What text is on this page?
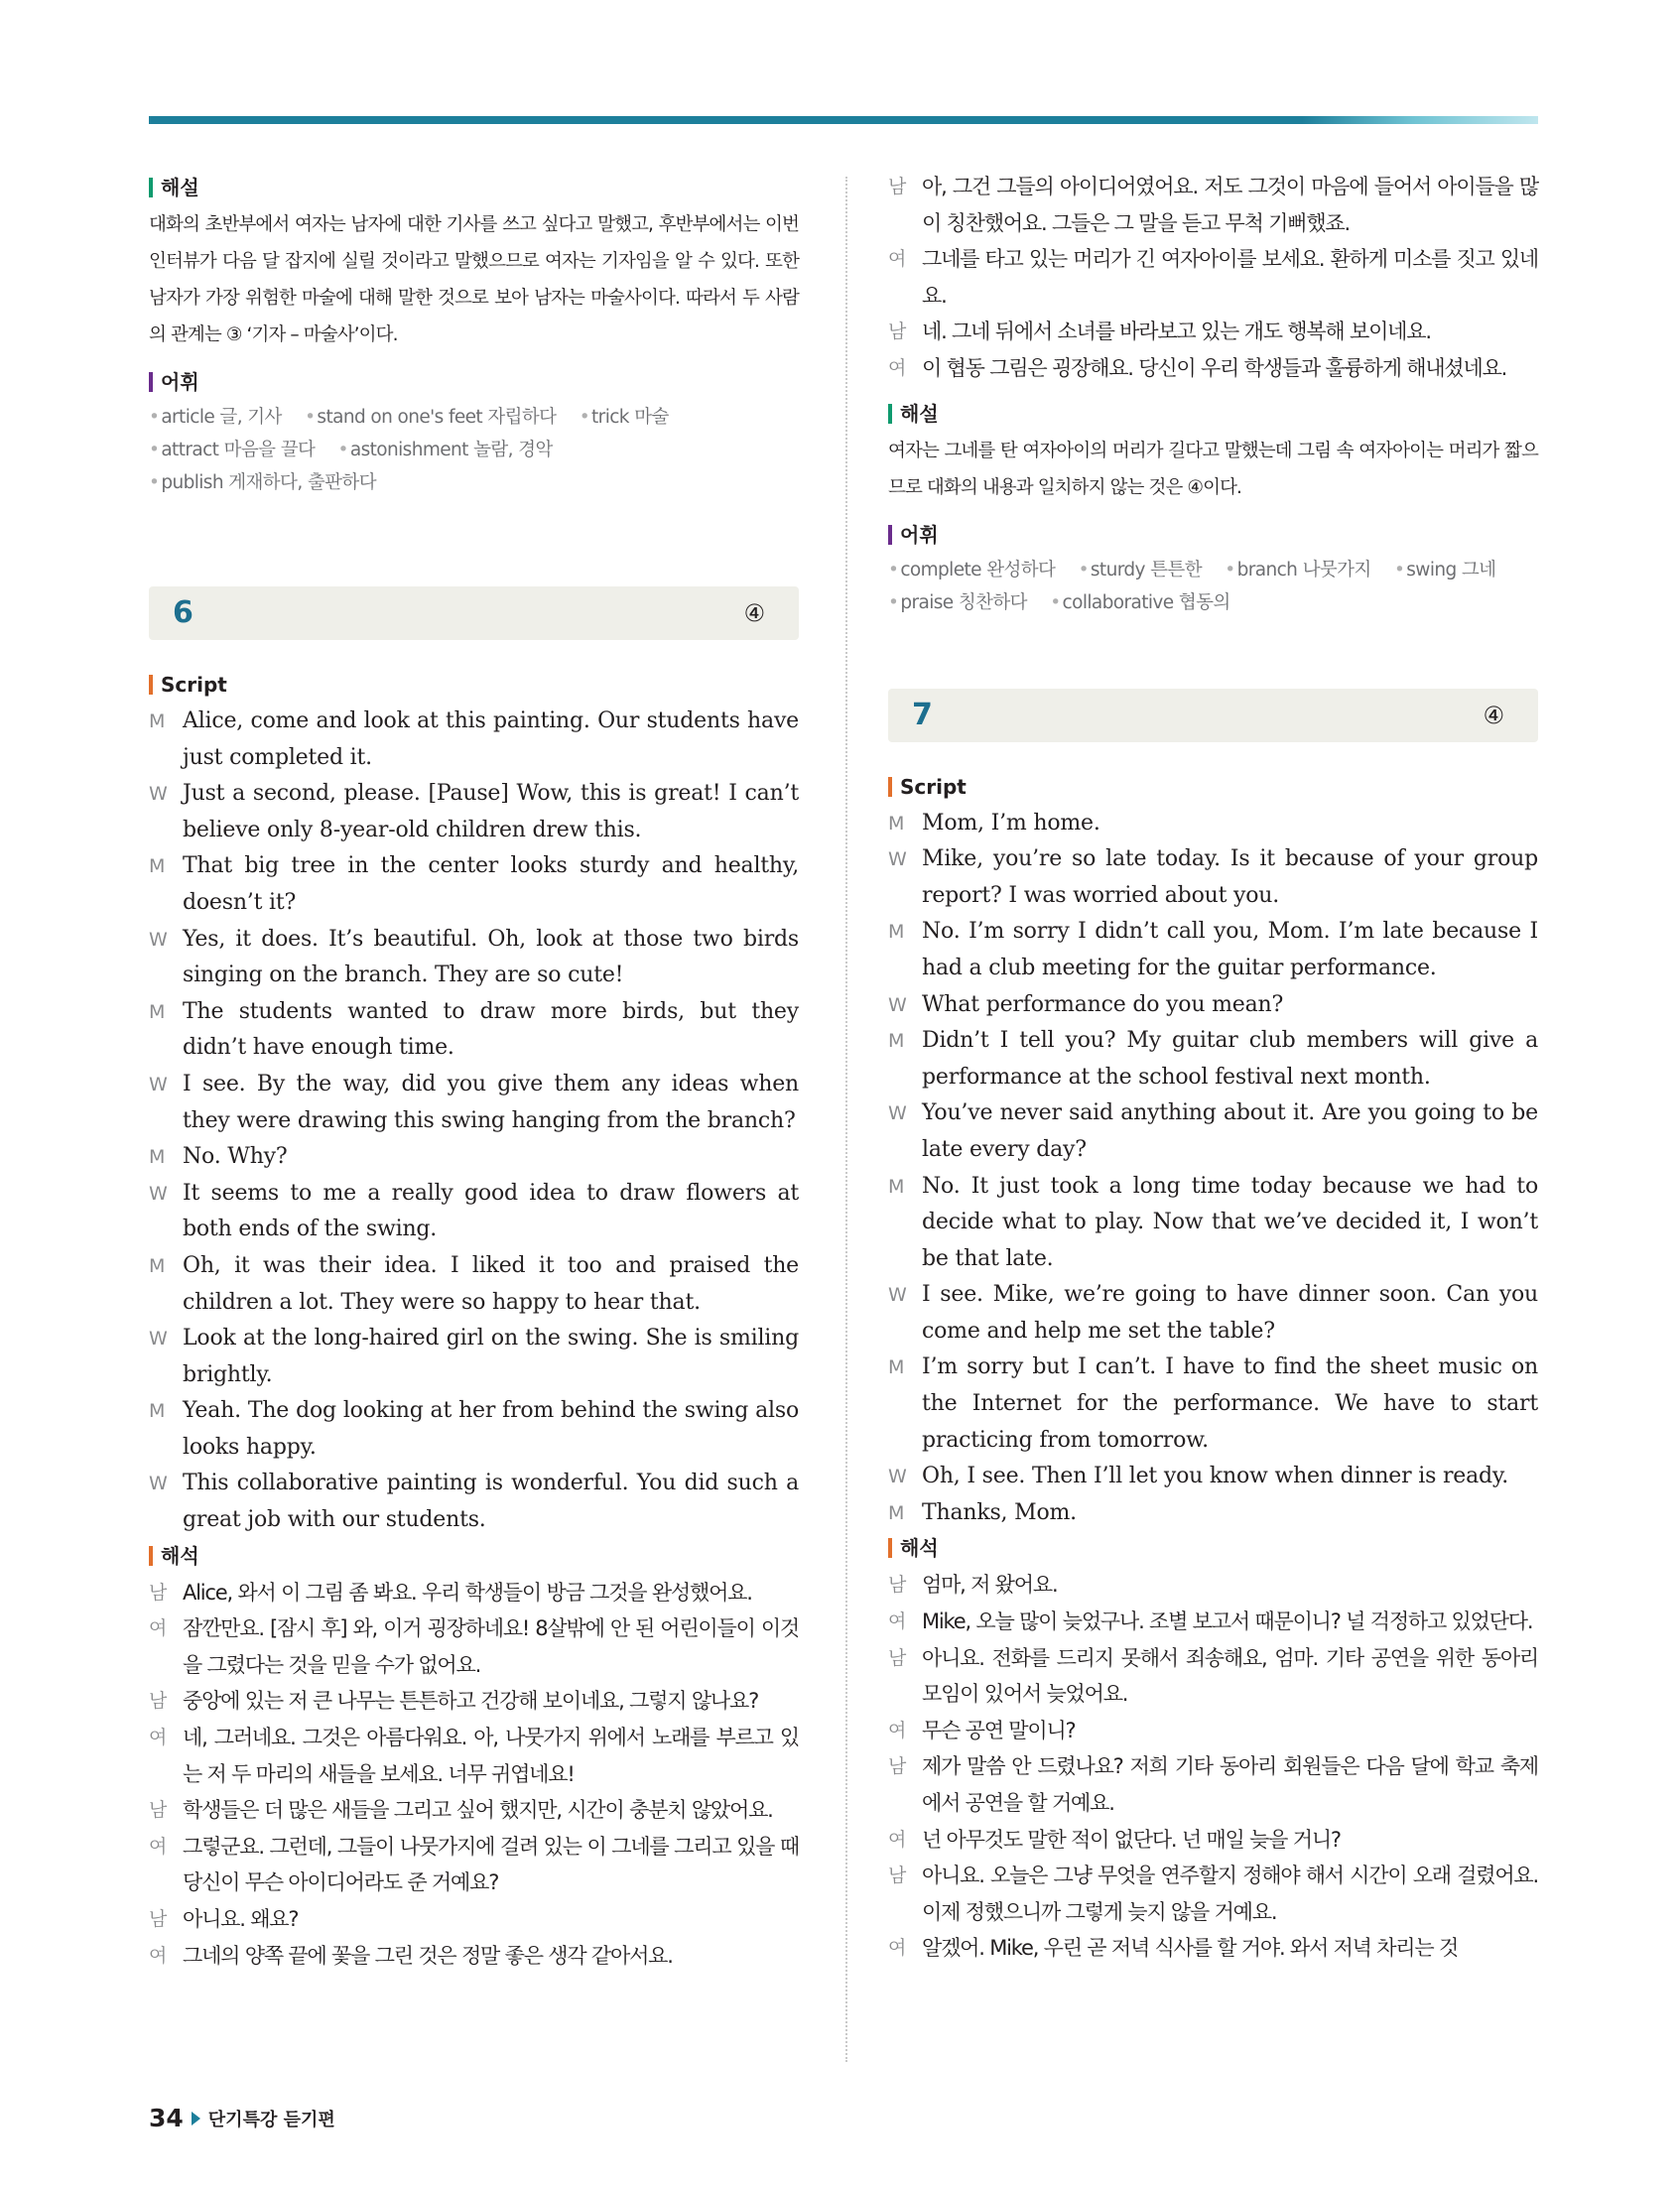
해설

대화의 초반부에서 여자는 남자에 대한 기사를 쓰고 싶다고 말했고, 후반부에서는 이번 인터뷰가 다음 달 잡지에 실릴 것이라고 말했으므로 여자는 기자임을 알 수 있다. 또한 남자가 가장 위험한 마술에 대해 말한 것으로 보아 남자는 마술사이다. 따라서 두 사람의 관계는 ③ ‘기자 – 마술사’이다.

어휘

• article 글, 기사 • stand on one's feet 자립하다 • trick 마술 • attract 마음을 끌다 • astonishment 놀람, 경악 • publish 게재하다, 출판하다

6	④
Script
M Alice, come and look at this painting. Our students have just completed it.
W Just a second, please. [Pause] Wow, this is great! I can’t believe only 8-year-old children drew this.
M That big tree in the center looks sturdy and healthy, doesn’t it?
W Yes, it does. It’s beautiful. Oh, look at those two birds singing on the branch. They are so cute!
M The students wanted to draw more birds, but they didn’t have enough time.
W I see. By the way, did you give them any ideas when they were drawing this swing hanging from the branch?
M No. Why?
W It seems to me a really good idea to draw flowers at both ends of the swing.
M Oh, it was their idea. I liked it too and praised the children a lot. They were so happy to hear that.
W Look at the long-haired girl on the swing. She is smiling brightly.
M Yeah. The dog looking at her from behind the swing also looks happy.
W This collaborative painting is wonderful. You did such a great job with our students.
해석
남 Alice, 와서 이 그림 좀 봐요. 우리 학생들이 방금 그것을 완성했어요.
여 잠깐만요. [잠시 후] 와, 이거 굉장하네요! 8살밖에 안 된 어린이들이 이것을 그렸다는 것을 믿을 수가 없어요.
남 중앙에 있는 저 큰 나무는 튼튼하고 건강해 보이네요, 그렇지 않나요?
여 네, 그러네요. 그것은 아름다워요. 아, 나뭇가지 위에서 노래를 부르고 있는 저 두 마리의 새들을 보세요. 너무 귀엽네요!
남 학생들은 더 많은 새들을 그리고 싶어 했지만, 시간이 충분치 않았어요.
여 그렇군요. 그런데, 그들이 나뭇가지에 걸려 있는 이 그네를 그리고 있을 때 당신이 무슨 아이디어라도 준 거예요?
남 아니요. 왜요?
여 그네의 양쪽 끝에 꽃을 그린 것은 정말 좋은 생각 같아서요.
남 아, 그건 그들의 아이디어였어요. 저도 그것이 마음에 들어서 아이들을 많이 칭찬했어요. 그들은 그 말을 듣고 무척 기뻐했죠.
여 그네를 타고 있는 머리가 긴 여자아이를 보세요. 환하게 미소를 짓고 있네요.
남 네. 그네 뒤에서 소녀를 바라보고 있는 개도 행복해 보이네요.
여 이 협동 그림은 굉장해요. 당신이 우리 학생들과 훌륭하게 해내셨네요.
해설

여자는 그네를 탄 여자아이의 머리가 길다고 말했는데 그림 속 여자아이는 머리가 짧으므로 대화의 내용과 일치하지 않는 것은 ④이다.

어휘

• complete 완성하다 • sturdy 튼튼한 • branch 나뭇가지 • swing 그네 • praise 칭찬하다 • collaborative 협동의

7	④
Script
M Mom, I’m home.
W Mike, you’re so late today. Is it because of your group report? I was worried about you.
M No. I’m sorry I didn’t call you, Mom. I’m late because I had a club meeting for the guitar performance.
W What performance do you mean?
M Didn’t I tell you? My guitar club members will give a performance at the school festival next month.
W You’ve never said anything about it. Are you going to be late every day?
M No. It just took a long time today because we had to decide what to play. Now that we’ve decided it, I won’t be that late.
W I see. Mike, we’re going to have dinner soon. Can you come and help me set the table?
M I’m sorry but I can’t. I have to find the sheet music on the Internet for the performance. We have to start practicing from tomorrow.
W Oh, I see. Then I’ll let you know when dinner is ready.
M Thanks, Mom.
해석
남 엄마, 저 왔어요.
여 Mike, 오늘 많이 늦었구나. 조별 보고서 때문이니? 널 걱정하고 있었단다.
남 아니요. 전화를 드리지 못해서 죄송해요, 엄마. 기타 공연을 위한 동아리 모임이 있어서 늦었어요.
여 무슨 공연 말이니?
남 제가 말씀 안 드렸나요? 저희 기타 동아리 회원들은 다음 달에 학교 축제에서 공연을 할 거예요.
여 넌 아무것도 말한 적이 없단다. 넌 매일 늦을 거니?
남 아니요. 오늘은 그냥 무엇을 연주할지 정해야 해서 시간이 오래 걸렸어요. 이제 정했으니까 그렇게 늦지 않을 거예요.
여 알겠어. Mike, 우린 곧 저녁 식사를 할 거야. 와서 저녁 차리는 것
34 단기특강 듣기편
